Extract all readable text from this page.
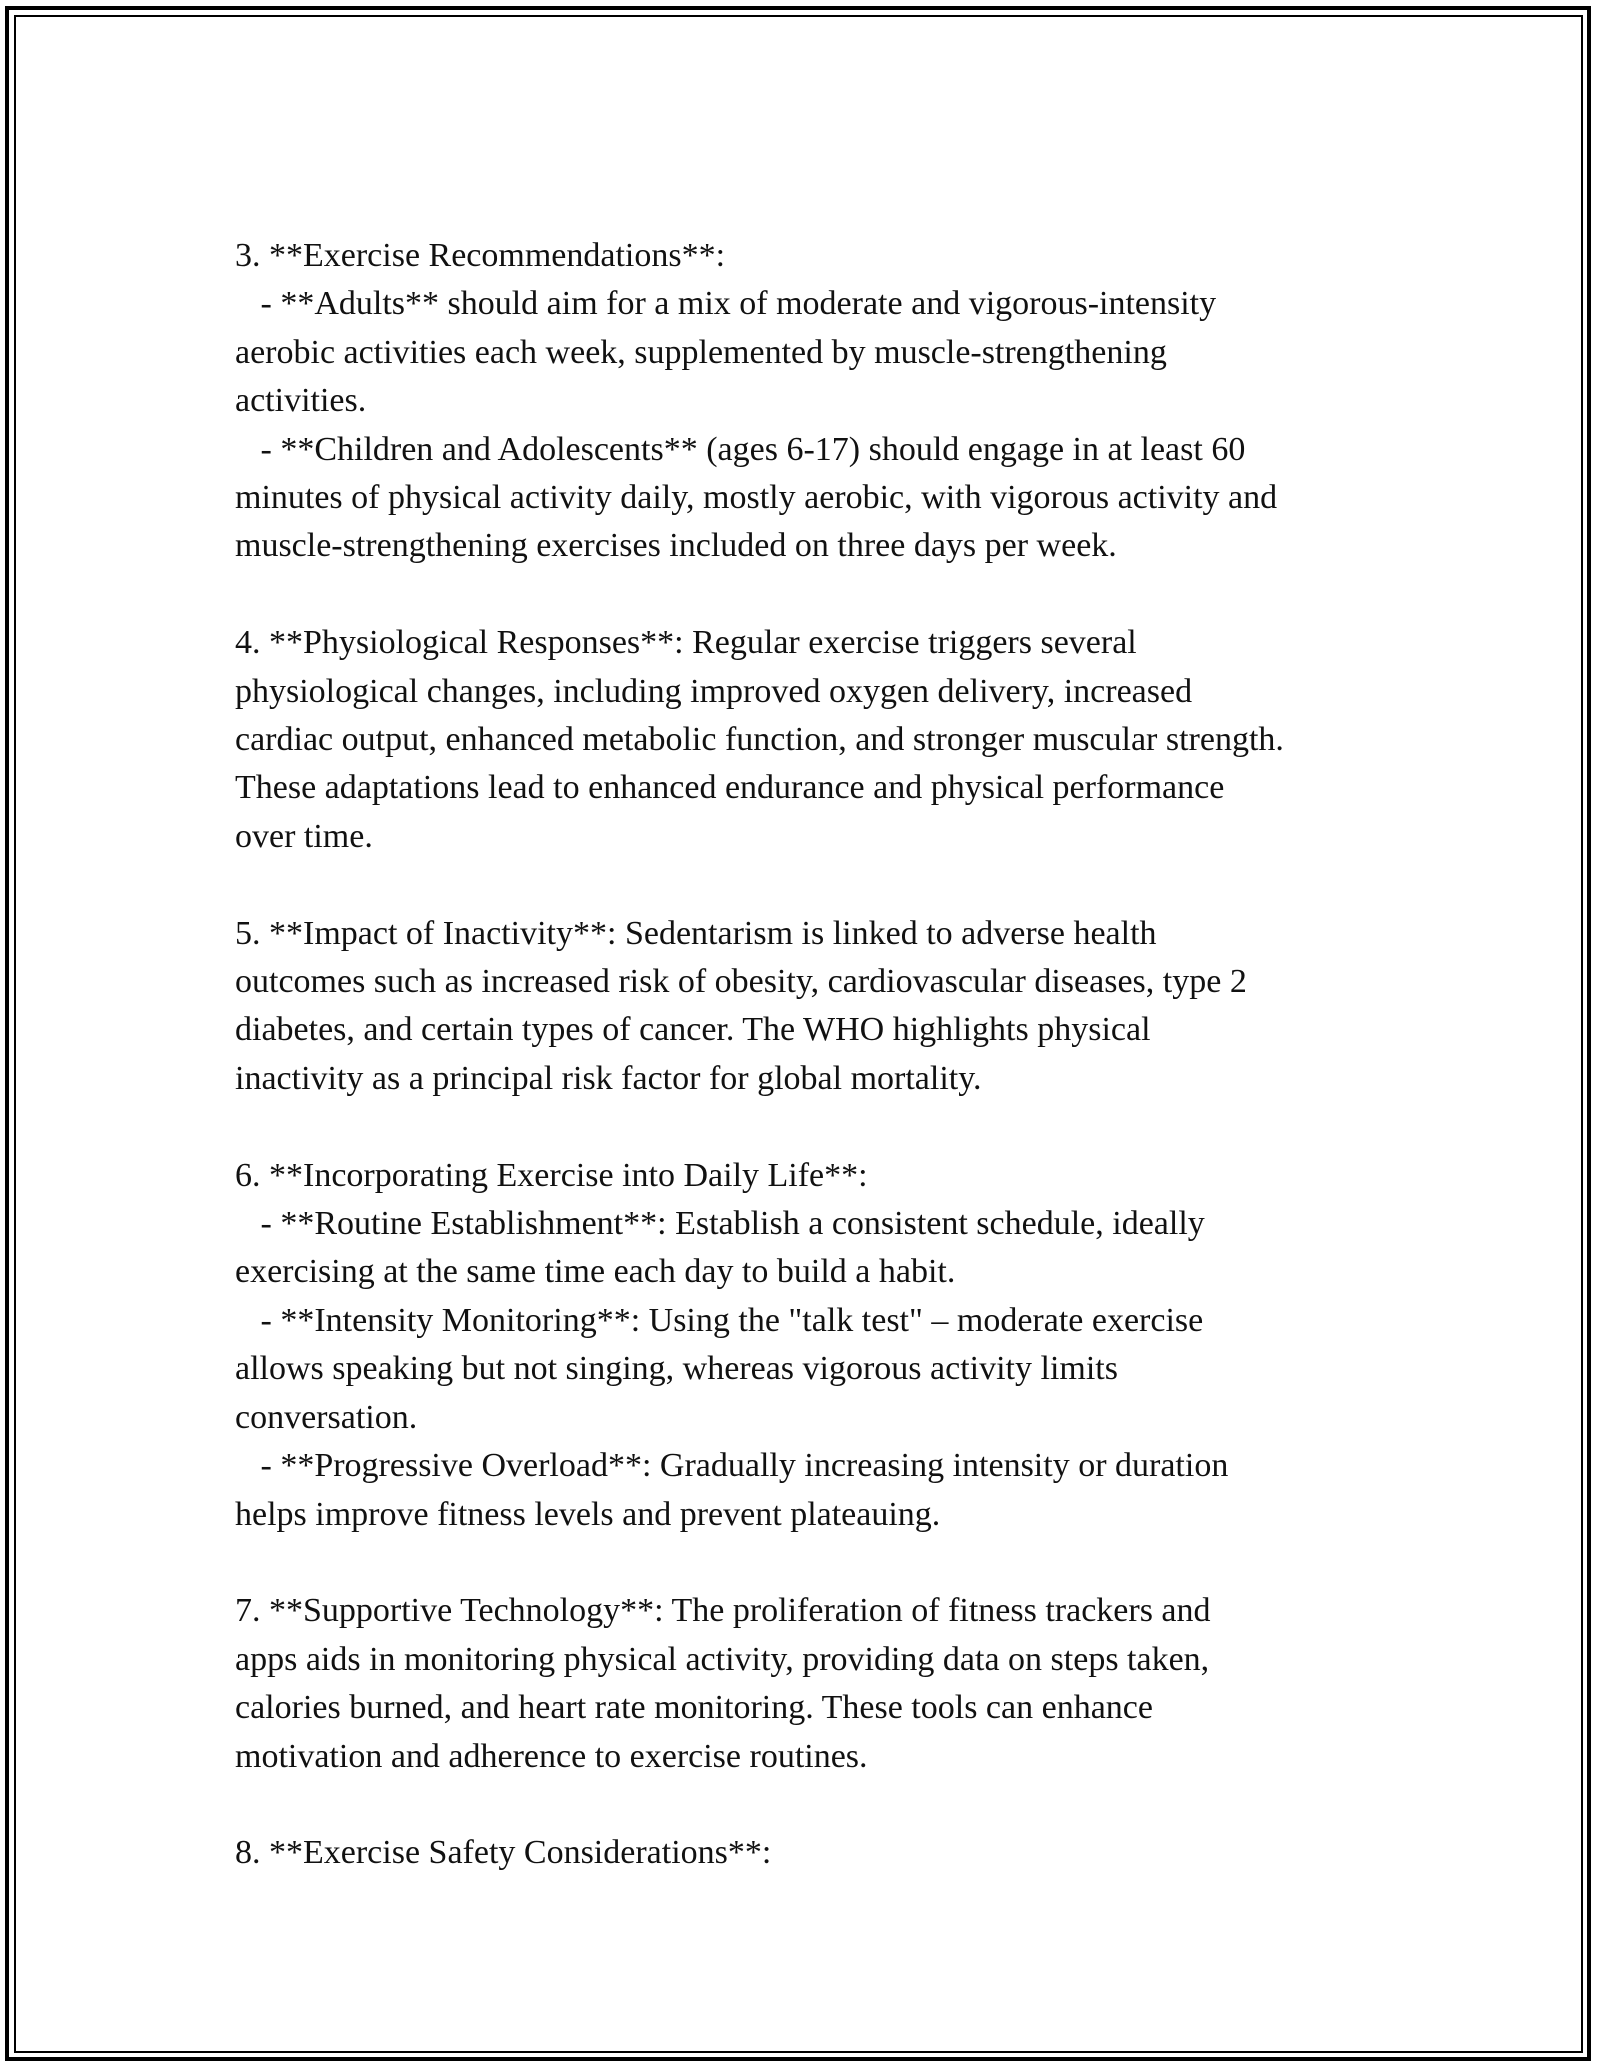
3. **Exercise Recommendations**:
- **Adults** should aim for a mix of moderate and vigorous-intensity
aerobic activities each week, supplemented by muscle-strengthening
activities.
- **Children and Adolescents** (ages 6-17) should engage in at least 60
minutes of physical activity daily, mostly aerobic, with vigorous activity and
muscle-strengthening exercises included on three days per week.
4. **Physiological Responses**: Regular exercise triggers several
physiological changes, including improved oxygen delivery, increased
cardiac output, enhanced metabolic function, and stronger muscular strength.
These adaptations lead to enhanced endurance and physical performance
over time.
5. **Impact of Inactivity**: Sedentarism is linked to adverse health
outcomes such as increased risk of obesity, cardiovascular diseases, type 2
diabetes, and certain types of cancer. The WHO highlights physical
inactivity as a principal risk factor for global mortality.
6. **Incorporating Exercise into Daily Life**:
- **Routine Establishment**: Establish a consistent schedule, ideally
exercising at the same time each day to build a habit.
- **Intensity Monitoring**: Using the "talk test" – moderate exercise
allows speaking but not singing, whereas vigorous activity limits
conversation.
- **Progressive Overload**: Gradually increasing intensity or duration
helps improve fitness levels and prevent plateauing.
7. **Supportive Technology**: The proliferation of fitness trackers and
apps aids in monitoring physical activity, providing data on steps taken,
calories burned, and heart rate monitoring. These tools can enhance
motivation and adherence to exercise routines.
8. **Exercise Safety Considerations**:
